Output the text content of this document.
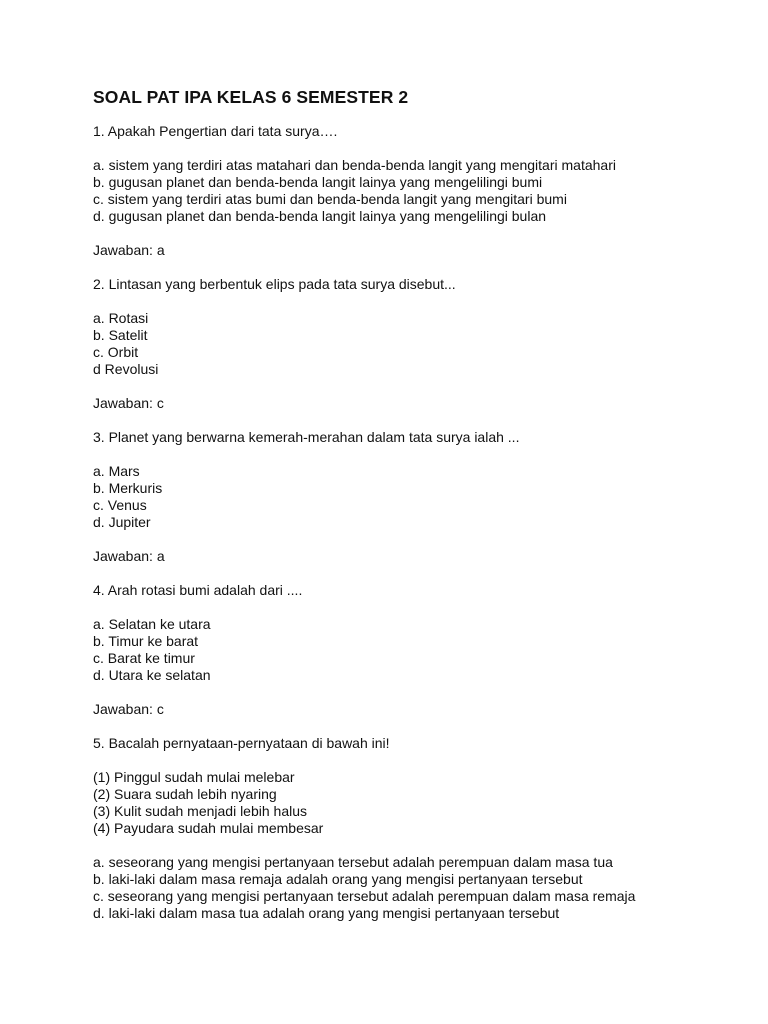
SOAL PAT IPA KELAS 6 SEMESTER 2
1. Apakah Pengertian dari tata surya….
a. sistem yang terdiri atas matahari dan benda-benda langit yang mengitari matahari
b. gugusan planet dan benda-benda langit lainya yang mengelilingi bumi
c. sistem yang terdiri atas bumi dan benda-benda langit yang mengitari bumi
d. gugusan planet dan benda-benda langit lainya yang mengelilingi bulan
Jawaban: a
2. Lintasan yang berbentuk elips pada tata surya disebut...
a. Rotasi
b. Satelit
c. Orbit
d Revolusi
Jawaban: c
3. Planet yang berwarna kemerah-merahan dalam tata surya ialah ...
a. Mars
b. Merkuris
c. Venus
d. Jupiter
Jawaban: a
4. Arah rotasi bumi adalah dari ....
a. Selatan ke utara
b. Timur ke barat
c. Barat ke timur
d. Utara ke selatan
Jawaban: c
5. Bacalah pernyataan-pernyataan di bawah ini!
(1) Pinggul sudah mulai melebar
(2) Suara sudah lebih nyaring
(3) Kulit sudah menjadi lebih halus
(4) Payudara sudah mulai membesar
a. seseorang yang mengisi pertanyaan tersebut adalah perempuan dalam masa tua
b. laki-laki dalam masa remaja adalah orang yang mengisi pertanyaan tersebut
c. seseorang yang mengisi pertanyaan tersebut adalah perempuan dalam masa remaja
d. laki-laki dalam masa tua adalah orang yang mengisi pertanyaan tersebut
